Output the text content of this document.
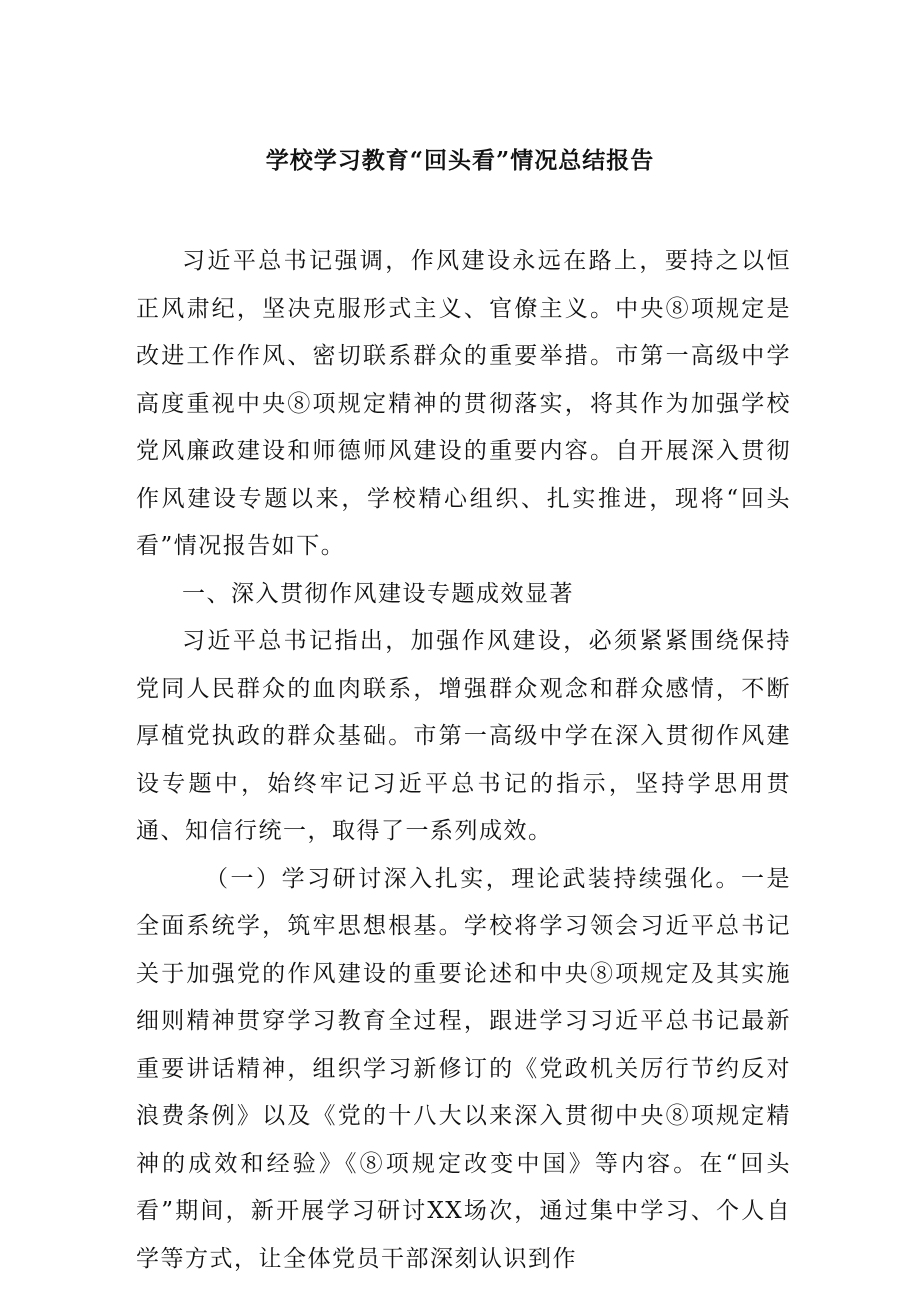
学校学习教育“回头看”情况总结报告

习近平总书记强调，作风建设永远在路上，要持之以恒正风肃纪，坚决克服形式主义、官僚主义。中央⑧项规定是改进工作作风、密切联系群众的重要举措。市第一高级中学高度重视中央⑧项规定精神的贯彻落实，将其作为加强学校党风廉政建设和师德师风建设的重要内容。自开展深入贯彻作风建设专题以来，学校精心组织、扎实推进，现将“回头看”情况报告如下。

一、深入贯彻作风建设专题成效显著

习近平总书记指出，加强作风建设，必须紧紧围绕保持党同人民群众的血肉联系，增强群众观念和群众感情，不断厚植党执政的群众基础。市第一高级中学在深入贯彻作风建设专题中，始终牢记习近平总书记的指示，坚持学思用贯通、知信行统一，取得了一系列成效。

（一）学习研讨深入扎实，理论武装持续强化。一是全面系统学，筑牢思想根基。学校将学习领会习近平总书记关于加强党的作风建设的重要论述和中央⑧项规定及其实施细则精神贯穿学习教育全过程，跟进学习习近平总书记最新重要讲话精神，组织学习新修订的《党政机关厉行节约反对浪费条例》以及《党的十八大以来深入贯彻中央⑧项规定精神的成效和经验》《⑧项规定改变中国》等内容。在“回头看”期间，新开展学习研讨XX场次，通过集中学习、个人自学等方式，让全体党员干部深刻认识到作
